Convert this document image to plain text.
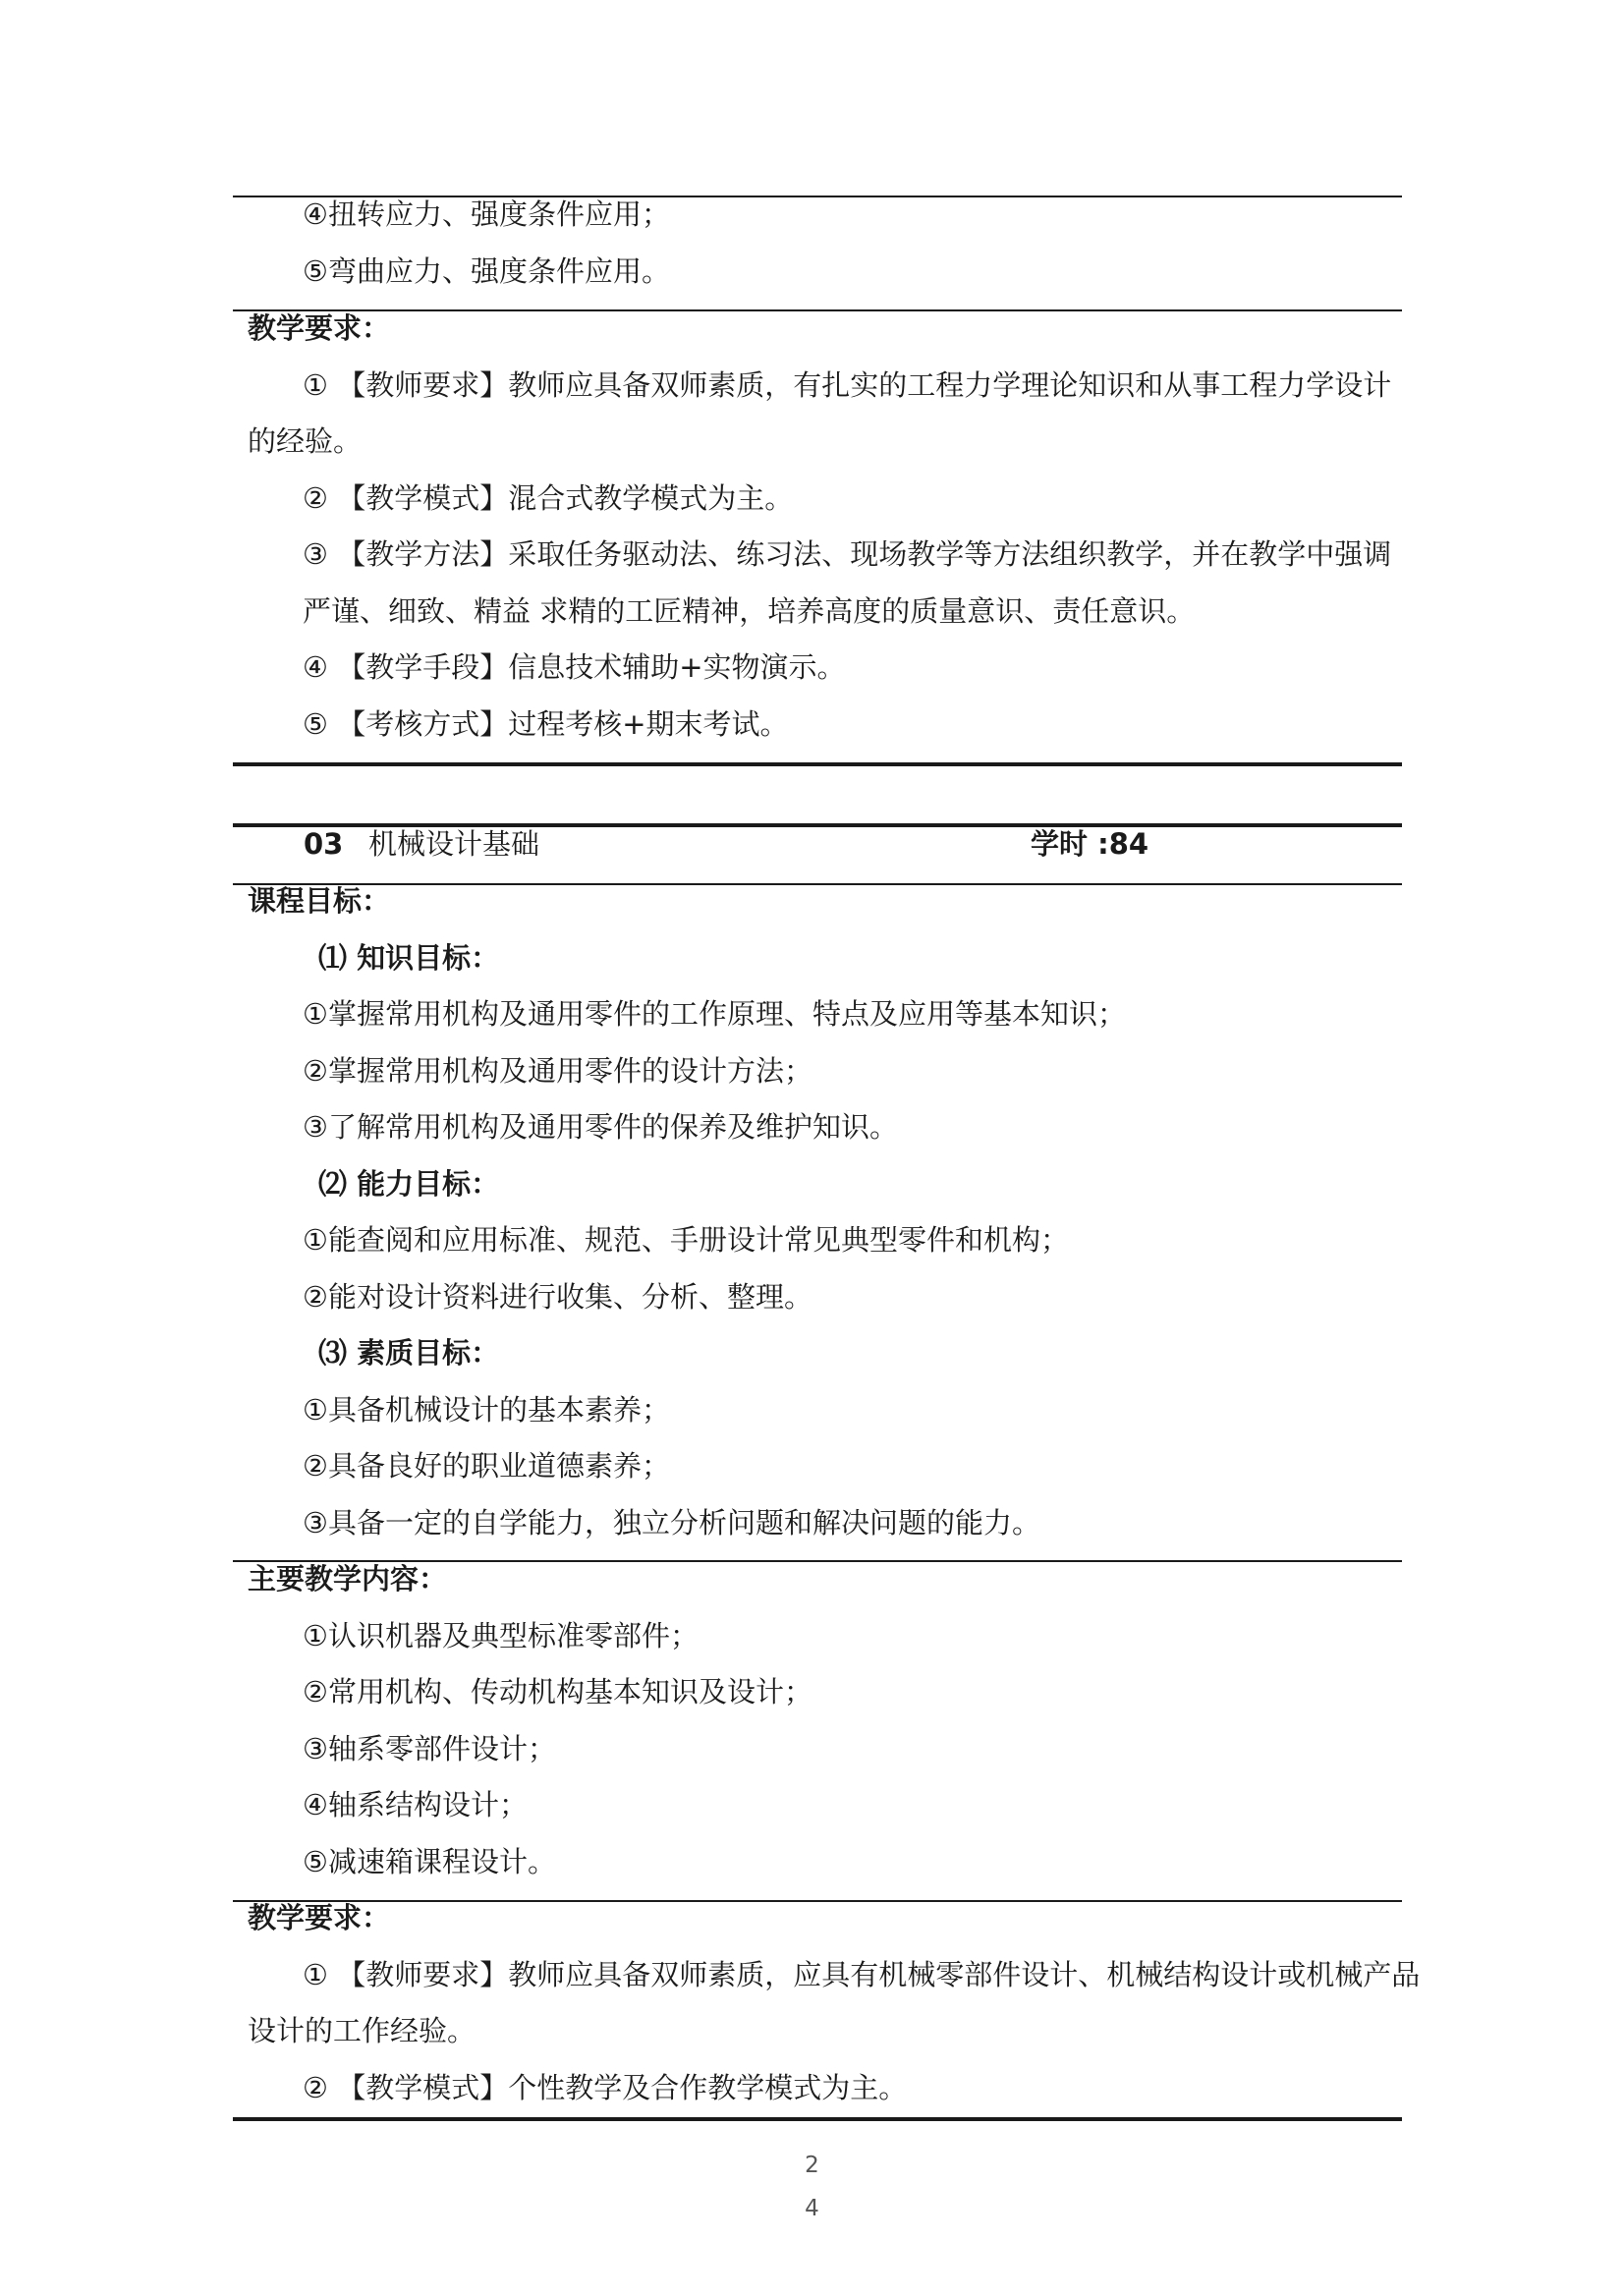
④扭转应力、强度条件应用；
⑤弯曲应力、强度条件应用。
教学要求：
① 【教师要求】教师应具备双师素质，有扎实的工程力学理论知识和从事工程力学设计
的经验。
② 【教学模式】混合式教学模式为主。
③ 【教学方法】采取任务驱动法、练习法、现场教学等方法组织教学，并在教学中强调
严谨、细致、精益 求精的工匠精神，培养高度的质量意识、责任意识。
④ 【教学手段】信息技术辅助+实物演示。
⑤ 【考核方式】过程考核+期末考试。
03 机械设计基础	学时 :84
课程目标：
⑴ 知识目标：
①掌握常用机构及通用零件的工作原理、特点及应用等基本知识；
②掌握常用机构及通用零件的设计方法；
③了解常用机构及通用零件的保养及维护知识。
⑵ 能力目标：
①能查阅和应用标准、规范、手册设计常见典型零件和机构；
②能对设计资料进行收集、分析、整理。
⑶ 素质目标：
①具备机械设计的基本素养；
②具备良好的职业道德素养；
③具备一定的自学能力，独立分析问题和解决问题的能力。
主要教学内容：
①认识机器及典型标准零部件；
②常用机构、传动机构基本知识及设计；
③轴系零部件设计；
④轴系结构设计；
⑤减速箱课程设计。
教学要求：
① 【教师要求】教师应具备双师素质，应具有机械零部件设计、机械结构设计或机械产品
设计的工作经验。
② 【教学模式】个性教学及合作教学模式为主。
2
4
